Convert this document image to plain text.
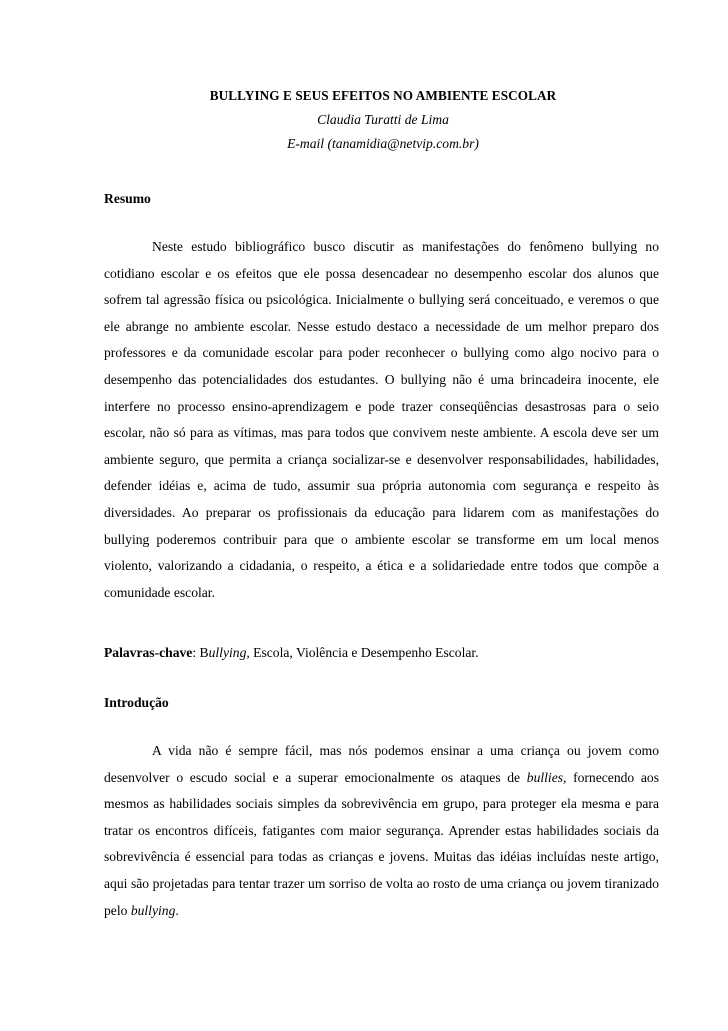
BULLYING E SEUS EFEITOS NO AMBIENTE ESCOLAR
Claudia Turatti de Lima
E-mail (tanamidia@netvip.com.br)
Resumo
Neste estudo bibliográfico busco discutir as manifestações do fenômeno bullying no cotidiano escolar e os efeitos que ele possa desencadear no desempenho escolar dos alunos que sofrem tal agressão física ou psicológica. Inicialmente o bullying será conceituado, e veremos o que ele abrange no ambiente escolar. Nesse estudo destaco a necessidade de um melhor preparo dos professores e da comunidade escolar para poder reconhecer o bullying como algo nocivo para o desempenho das potencialidades dos estudantes. O bullying não é uma brincadeira inocente, ele interfere no processo ensino-aprendizagem e pode trazer conseqüências desastrosas para o seio escolar, não só para as vítimas, mas para todos que convivem neste ambiente. A escola deve ser um ambiente seguro, que permita a criança socializar-se e desenvolver responsabilidades, habilidades, defender idéias e, acima de tudo, assumir sua própria autonomia com segurança e respeito às diversidades. Ao preparar os profissionais da educação para lidarem com as manifestações do bullying poderemos contribuir para que o ambiente escolar se transforme em um local menos violento, valorizando a cidadania, o respeito, a ética e a solidariedade entre todos que compõe a comunidade escolar.
Palavras-chave: Bullying, Escola, Violência e Desempenho Escolar.
Introdução
A vida não é sempre fácil, mas nós podemos ensinar a uma criança ou jovem como desenvolver o escudo social e a superar emocionalmente os ataques de bullies, fornecendo aos mesmos as habilidades sociais simples da sobrevivência em grupo, para proteger ela mesma e para tratar os encontros difíceis, fatigantes com maior segurança. Aprender estas habilidades sociais da sobrevivência é essencial para todas as crianças e jovens. Muitas das idéias incluídas neste artigo, aqui são projetadas para tentar trazer um sorriso de volta ao rosto de uma criança ou jovem tiranizado pelo bullying.
